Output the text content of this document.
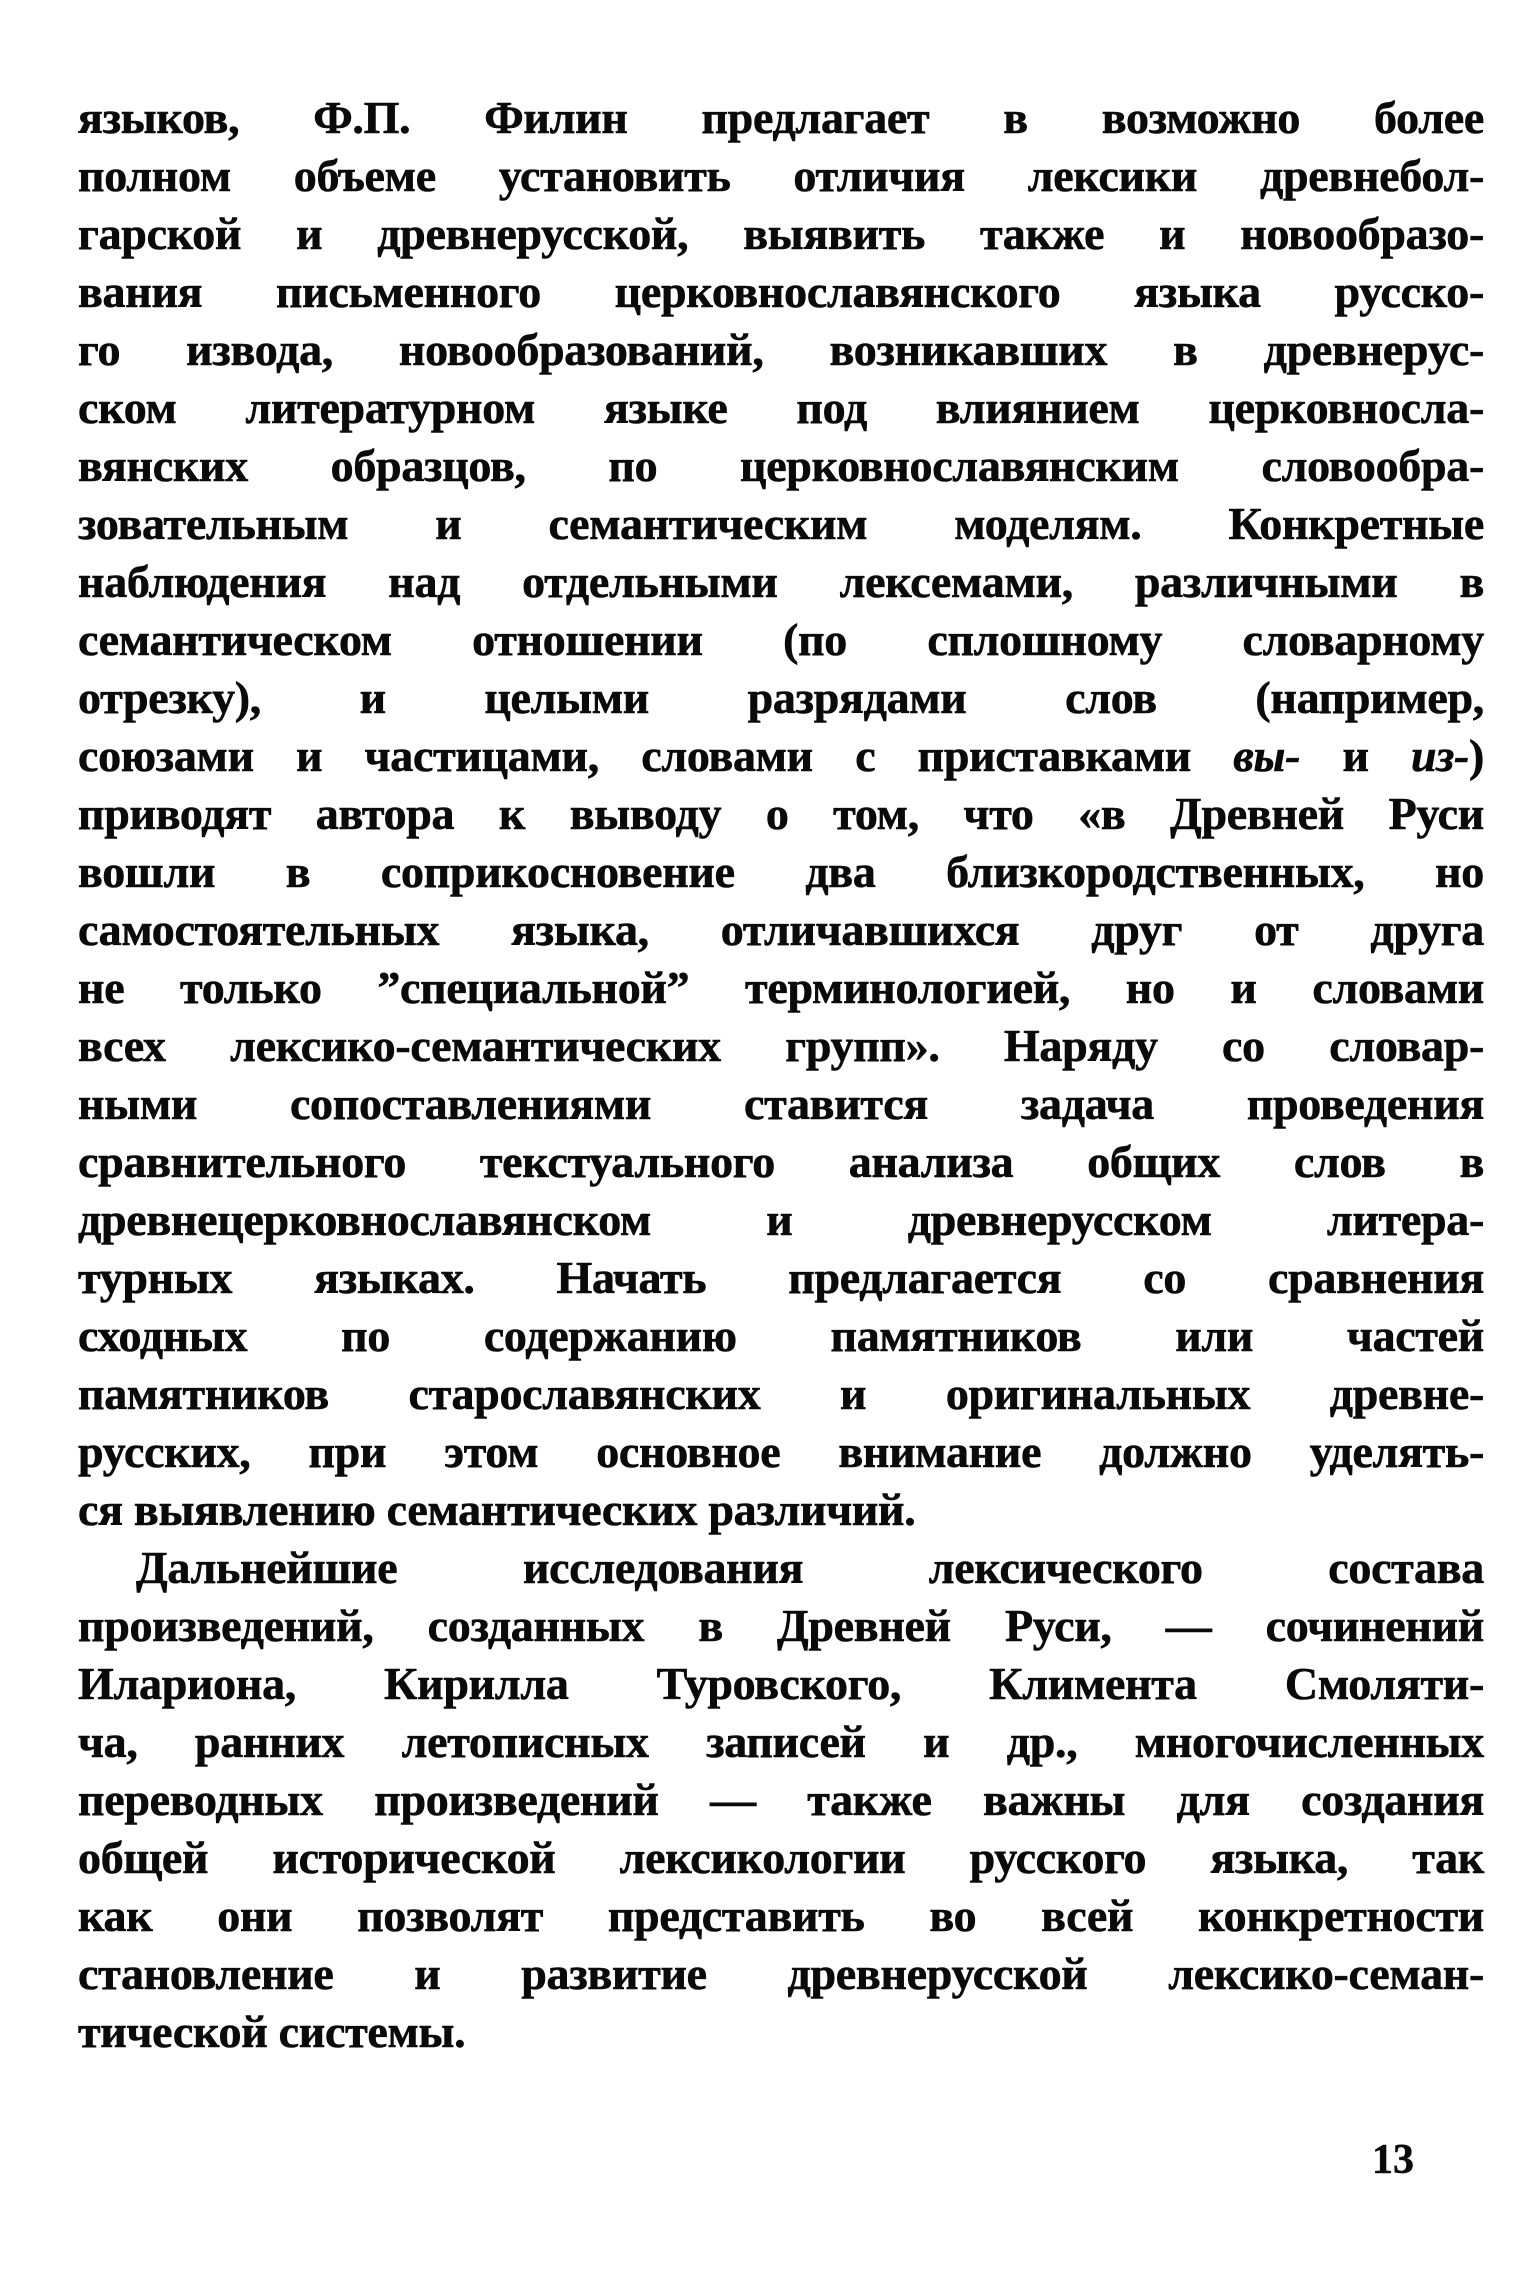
языков, Ф.П. Филин предлагает в возможно более
полном объеме установить отличия лексики древнебол-
гарской и древнерусской, выявить также и новообразо-
вания письменного церковнославянского языка русско-
го извода, новообразований, возникавших в древнерус-
ском литературном языке под влиянием церковносла-
вянских образцов, по церковнославянским словообра-
зовательным и семантическим моделям. Конкретные
наблюдения над отдельными лексемами, различными в
семантическом отношении (по сплошному словарному
отрезку), и целыми разрядами слов (например,
союзами и частицами, словами с приставками вы- и из-)
приводят автора к выводу о том, что «в Древней Руси
вошли в соприкосновение два близкородственных, но
самостоятельных языка, отличавшихся друг от друга
не только ”специальной” терминологией, но и словами
всех лексико-семантических групп». Наряду со словар-
ными сопоставлениями ставится задача проведения
сравнительного текстуального анализа общих слов в
древнецерковнославянском и древнерусском литера-
турных языках. Начать предлагается со сравнения
сходных по содержанию памятников или частей
памятников старославянских и оригинальных древне-
русских, при этом основное внимание должно уделять-
ся выявлению семантических различий.
Дальнейшие исследования лексического состава
произведений, созданных в Древней Руси, — сочинений
Илариона, Кирилла Туровского, Климента Смоляти-
ча, ранних летописных записей и др., многочисленных
переводных произведений — также важны для создания
общей исторической лексикологии русского языка, так
как они позволят представить во всей конкретности
становление и развитие древнерусской лексико-семан-
тической системы.
13
